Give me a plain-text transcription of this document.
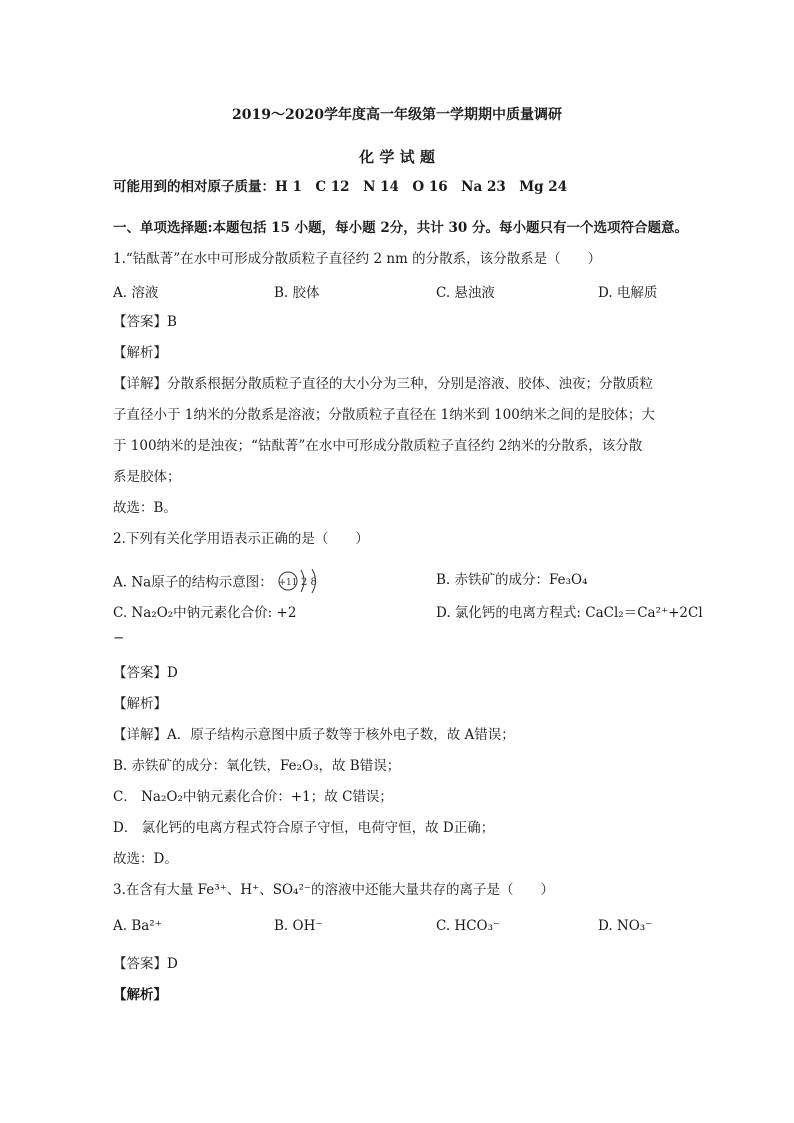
2019～2020学年度高一年级第一学期期中质量调研
化 学 试 题
可能用到的相对原子质量：H 1　C 12　N 14　O 16　Na 23　Mg 24
一、单项选择题:本题包括 15 小题，每小题 2分，共计 30 分。每小题只有一个选项符合题意。
1.“钴酞菁”在水中可形成分散质粒子直径约 2 nm 的分散系，该分散系是（　　）
A. 溶液	B. 胶体	C. 悬浊液	D. 电解质
【答案】B
【解析】
【详解】分散系根据分散质粒子直径的大小分为三种，分别是溶液、胶体、浊夜；分散质粒
子直径小于 1纳米的分散系是溶液；分散质粒子直径在 1纳米到 100纳米之间的是胶体；大
于 100纳米的是浊夜；“钴酞菁”在水中可形成分散质粒子直径约 2纳米的分散系，该分散
系是胶体；
故选：B。
2.下列有关化学用语表示正确的是（　　）
A. Na原子的结构示意图： +11 2 8	B. 赤铁矿的成分：Fe₃O₄
C. Na₂O₂中钠元素化合价: +2	D. 氯化钙的电离方程式: CaCl₂＝Ca²⁺+2Cl
−
【答案】D
【解析】
【详解】A．原子结构示意图中质子数等于核外电子数，故 A错误；
B. 赤铁矿的成分：氧化铁，Fe₂O₃，故 B错误；
C． Na₂O₂中钠元素化合价：+1；故 C错误；
D． 氯化钙的电离方程式符合原子守恒，电荷守恒，故 D正确；
故选：D。
3.在含有大量 Fe³⁺、H⁺、SO₄²⁻的溶液中还能大量共存的离子是（　　）
A. Ba²⁺	B. OH⁻	C. HCO₃⁻	D. NO₃⁻
【答案】D
【解析】
